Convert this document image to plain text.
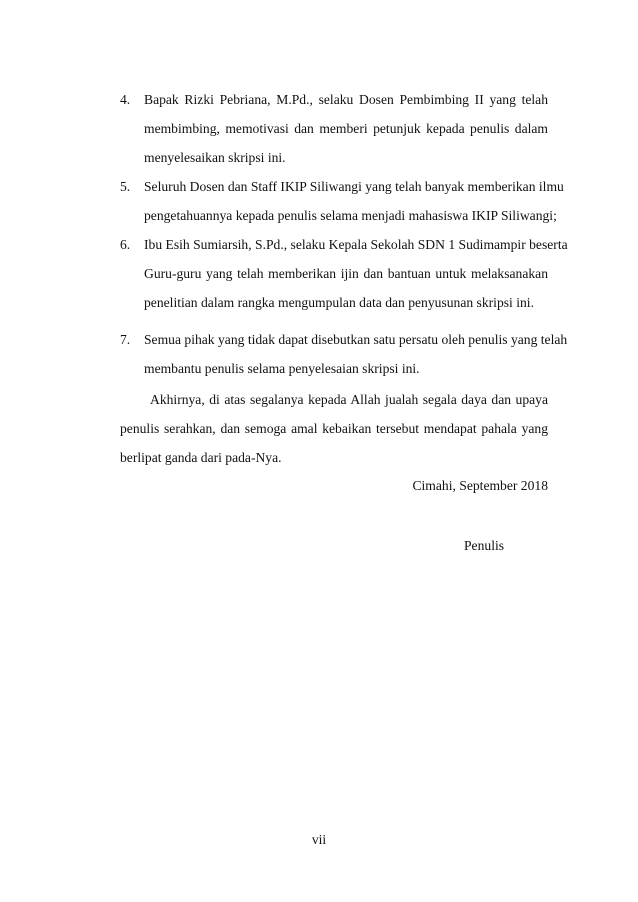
4.	Bapak Rizki Pebriana, M.Pd., selaku Dosen Pembimbing II yang telah
membimbing, memotivasi dan memberi petunjuk kepada penulis dalam
menyelesaikan skripsi ini.
5.	Seluruh Dosen dan Staff IKIP Siliwangi yang telah banyak memberikan ilmu
pengetahuannya kepada penulis selama menjadi mahasiswa IKIP Siliwangi;
6.	Ibu Esih Sumiarsih, S.Pd., selaku Kepala Sekolah SDN 1 Sudimampir beserta
Guru-guru yang telah memberikan ijin dan bantuan untuk melaksanakan
penelitian dalam rangka mengumpulan data dan penyusunan skripsi ini.
7.	Semua pihak yang tidak dapat disebutkan satu persatu oleh penulis yang telah
membantu penulis selama penyelesaian skripsi ini.
Akhirnya, di atas segalanya kepada Allah jualah segala daya dan upaya
penulis serahkan, dan semoga amal kebaikan tersebut mendapat pahala yang
berlipat ganda dari pada-Nya.
Cimahi, September 2018
Penulis
vii
